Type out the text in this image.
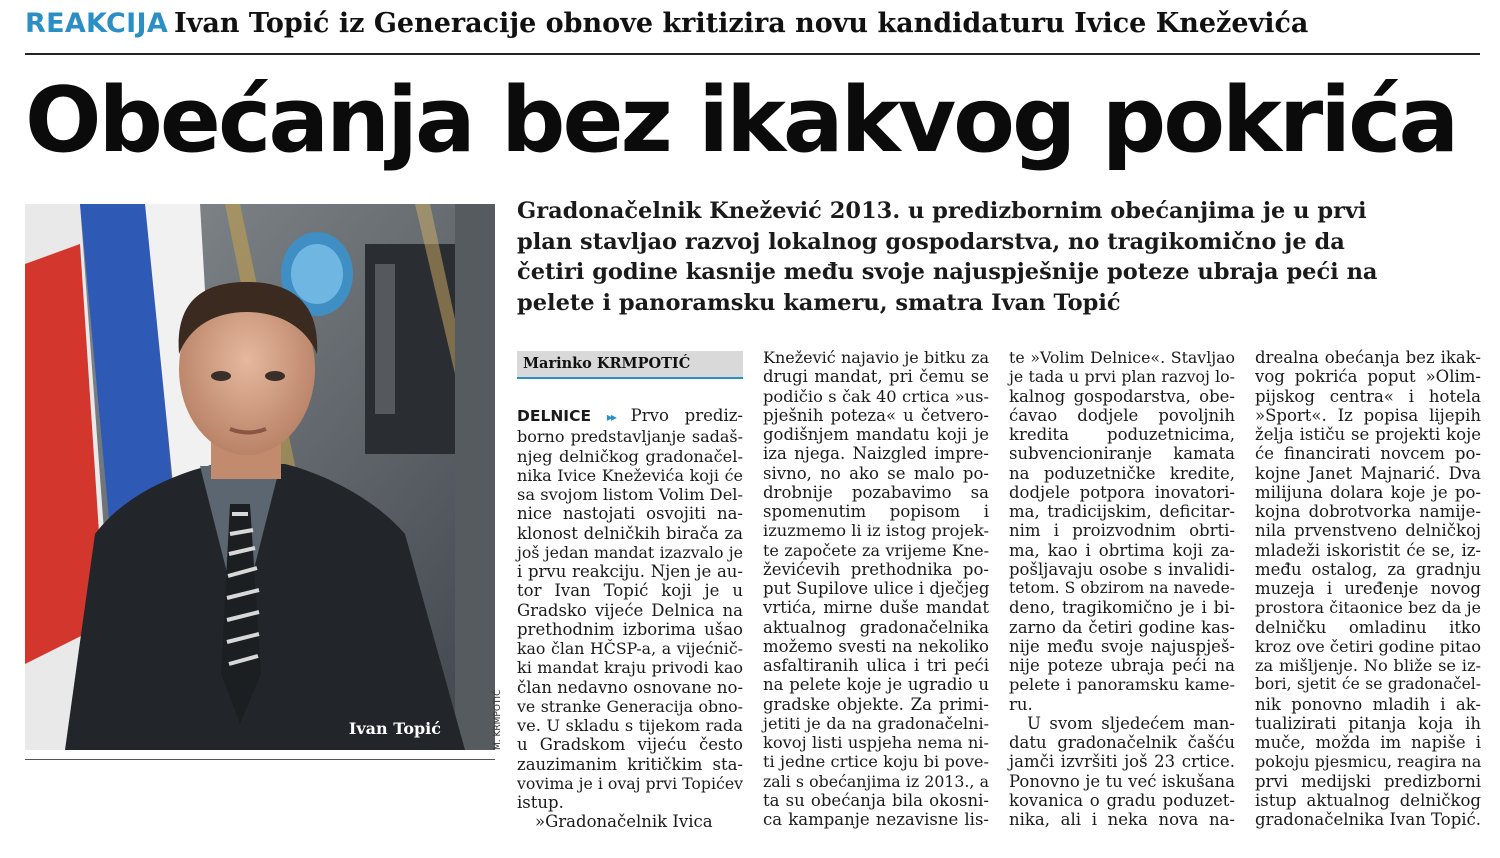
REAKCIJA Ivan Topić iz Generacije obnove kritizira novu kandidaturu Ivice Kneževića
Obećanja bez ikakvog pokrića
Ivan Topić	M. KRMPOTIĆ
Gradonačelnik Knežević 2013. u predizbornim obećanjima je u prvi
plan stavljao razvoj lokalnog gospodarstva, no tragikomično je da
četiri godine kasnije među svoje najuspješnije poteze ubraja peći na
pelete i panoramsku kameru, smatra Ivan Topić
Marinko KRMPOTIĆ
DELNICE ▸▸ Prvo prediz-
borno predstavljanje sadaš-
njeg delničkog gradonačel-
nika Ivice Kneževića koji će
sa svojom listom Volim Del-
nice nastojati osvojiti na-
klonost delničkih birača za
još jedan mandat izazvalo je
i prvu reakciju. Njen je au-
tor Ivan Topić koji je u
Gradsko vijeće Delnica na
prethodnim izborima ušao
kao član HČSP-a, a vijećnič-
ki mandat kraju privodi kao
član nedavno osnovane no-
ve stranke Generacija obno-
ve. U skladu s tijekom rada
u Gradskom vijeću često
zauzimanim kritičkim sta-
vovima je i ovaj prvi Topićev
istup.
»Gradonačelnik Ivica
Knežević najavio je bitku za
drugi mandat, pri čemu se
podičio s čak 40 crtica »us-
pješnih poteza« u četvero-
godišnjem mandatu koji je
iza njega. Naizgled impre-
sivno, no ako se malo po-
drobnije pozabavimo sa
spomenutim popisom i
izuzmemo li iz istog projek-
te započete za vrijeme Kne-
ževićevih prethodnika po-
put Supilove ulice i dječjeg
vrtića, mirne duše mandat
aktualnog gradonačelnika
možemo svesti na nekoliko
asfaltiranih ulica i tri peći
na pelete koje je ugradio u
gradske objekte. Za primi-
jetiti je da na gradonačelni-
kovoj listi uspjeha nema ni-
ti jedne crtice koju bi pove-
zali s obećanjima iz 2013., a
ta su obećanja bila okosni-
ca kampanje nezavisne lis-
te »Volim Delnice«. Stavljao
je tada u prvi plan razvoj lo-
kalnog gospodarstva, obe-
ćavao dodjele povoljnih
kredita poduzetnicima,
subvencioniranje kamata
na poduzetničke kredite,
dodjele potpora inovatori-
ma, tradicijskim, deficitar-
nim i proizvodnim obrti-
ma, kao i obrtima koji za-
pošljavaju osobe s invalidi-
tetom. S obzirom na navede-
deno, tragikomično je i bi-
zarno da četiri godine kas-
nije među svoje najuspješ-
nije poteze ubraja peći na
pelete i panoramsku kame-
ru.
U svom sljedećem man-
datu gradonačelnik čašću
jamči izvršiti još 23 crtice.
Ponovno je tu već iskušana
kovanica o gradu poduzet-
nika, ali i neka nova na-
drealna obećanja bez ikak-
vog pokrića poput »Olim-
pijskog centra« i hotela
»Sport«. Iz popisa lijepih
želja ističu se projekti koje
će financirati novcem po-
kojne Janet Majnarić. Dva
milijuna dolara koje je po-
kojna dobrotvorka namije-
nila prvenstveno delničkoj
mladeži iskoristit će se, iz-
među ostalog, za gradnju
muzeja i uređenje novog
prostora čitaonice bez da je
delničku omladinu itko
kroz ove četiri godine pitao
za mišljenje. No bliže se iz-
bori, sjetit će se gradonačel-
nik ponovno mladih i ak-
tualizirati pitanja koja ih
muče, možda im napiše i
pokoju pjesmicu, reagira na
prvi medijski predizborni
istup aktualnog delničkog
gradonačelnika Ivan Topić.
